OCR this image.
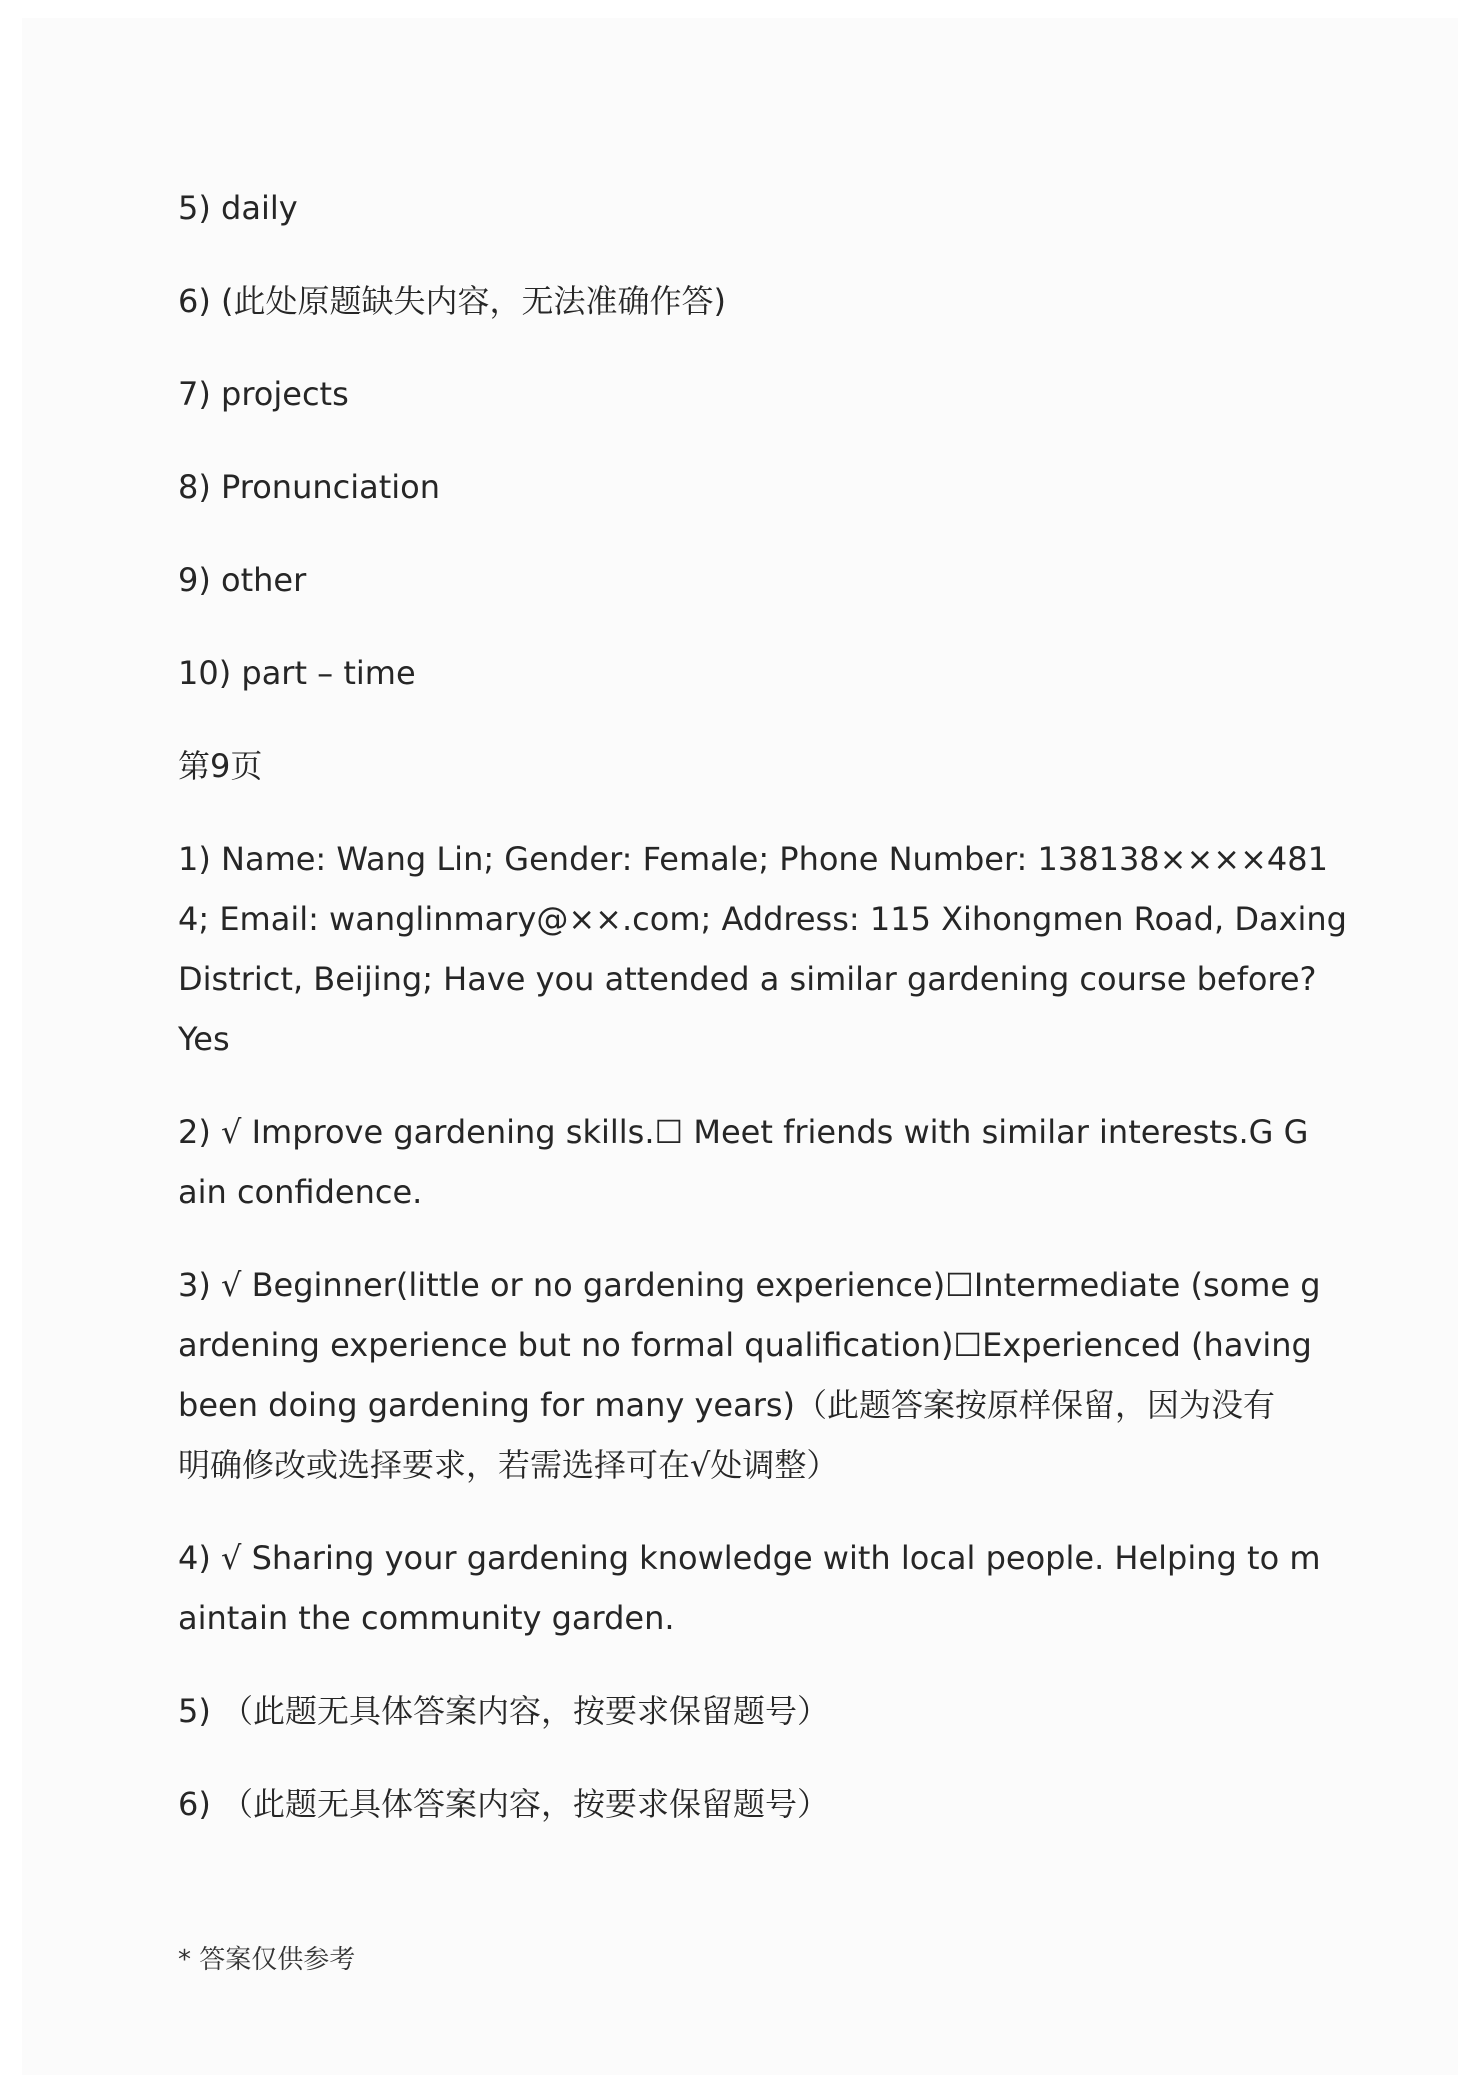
5) daily
6) (此处原题缺失内容，无法准确作答)
7) projects
8) Pronunciation
9) other
10) part – time
第9页
1) Name: Wang Lin; Gender: Female; Phone Number: 138138××××481
4; Email: wanglinmary@××.com; Address: 115 Xihongmen Road, Daxing
District, Beijing; Have you attended a similar gardening course before?
Yes
2) √ Improve gardening skills.☐ Meet friends with similar interests.G G
ain confidence.
3) √ Beginner(little or no gardening experience)☐Intermediate (some g
ardening experience but no formal qualification)☐Experienced (having
been doing gardening for many years)（此题答案按原样保留，因为没有
明确修改或选择要求，若需选择可在√处调整）
4) √ Sharing your gardening knowledge with local people. Helping to m
aintain the community garden.
5) （此题无具体答案内容，按要求保留题号）
6) （此题无具体答案内容，按要求保留题号）
* 答案仅供参考
